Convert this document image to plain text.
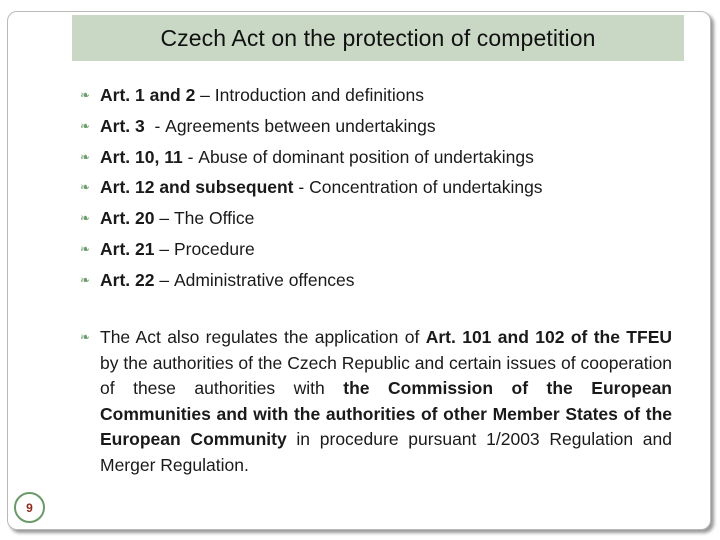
Czech Act on the protection of competition
❧ Art. 1 and 2 – Introduction and definitions
❧ Art. 3 - Agreements between undertakings
❧ Art. 10, 11 - Abuse of dominant position of undertakings
❧ Art. 12 and subsequent - Concentration of undertakings
❧ Art. 20 – The Office
❧ Art. 21 – Procedure
❧ Art. 22 – Administrative offences
❧ The Act also regulates the application of Art. 101 and 102 of the TFEU by the authorities of the Czech Republic and certain issues of cooperation of these authorities with the Commission of the European Communities and with the authorities of other Member States of the European Community in procedure pursuant 1/2003 Regulation and Merger Regulation.
9
